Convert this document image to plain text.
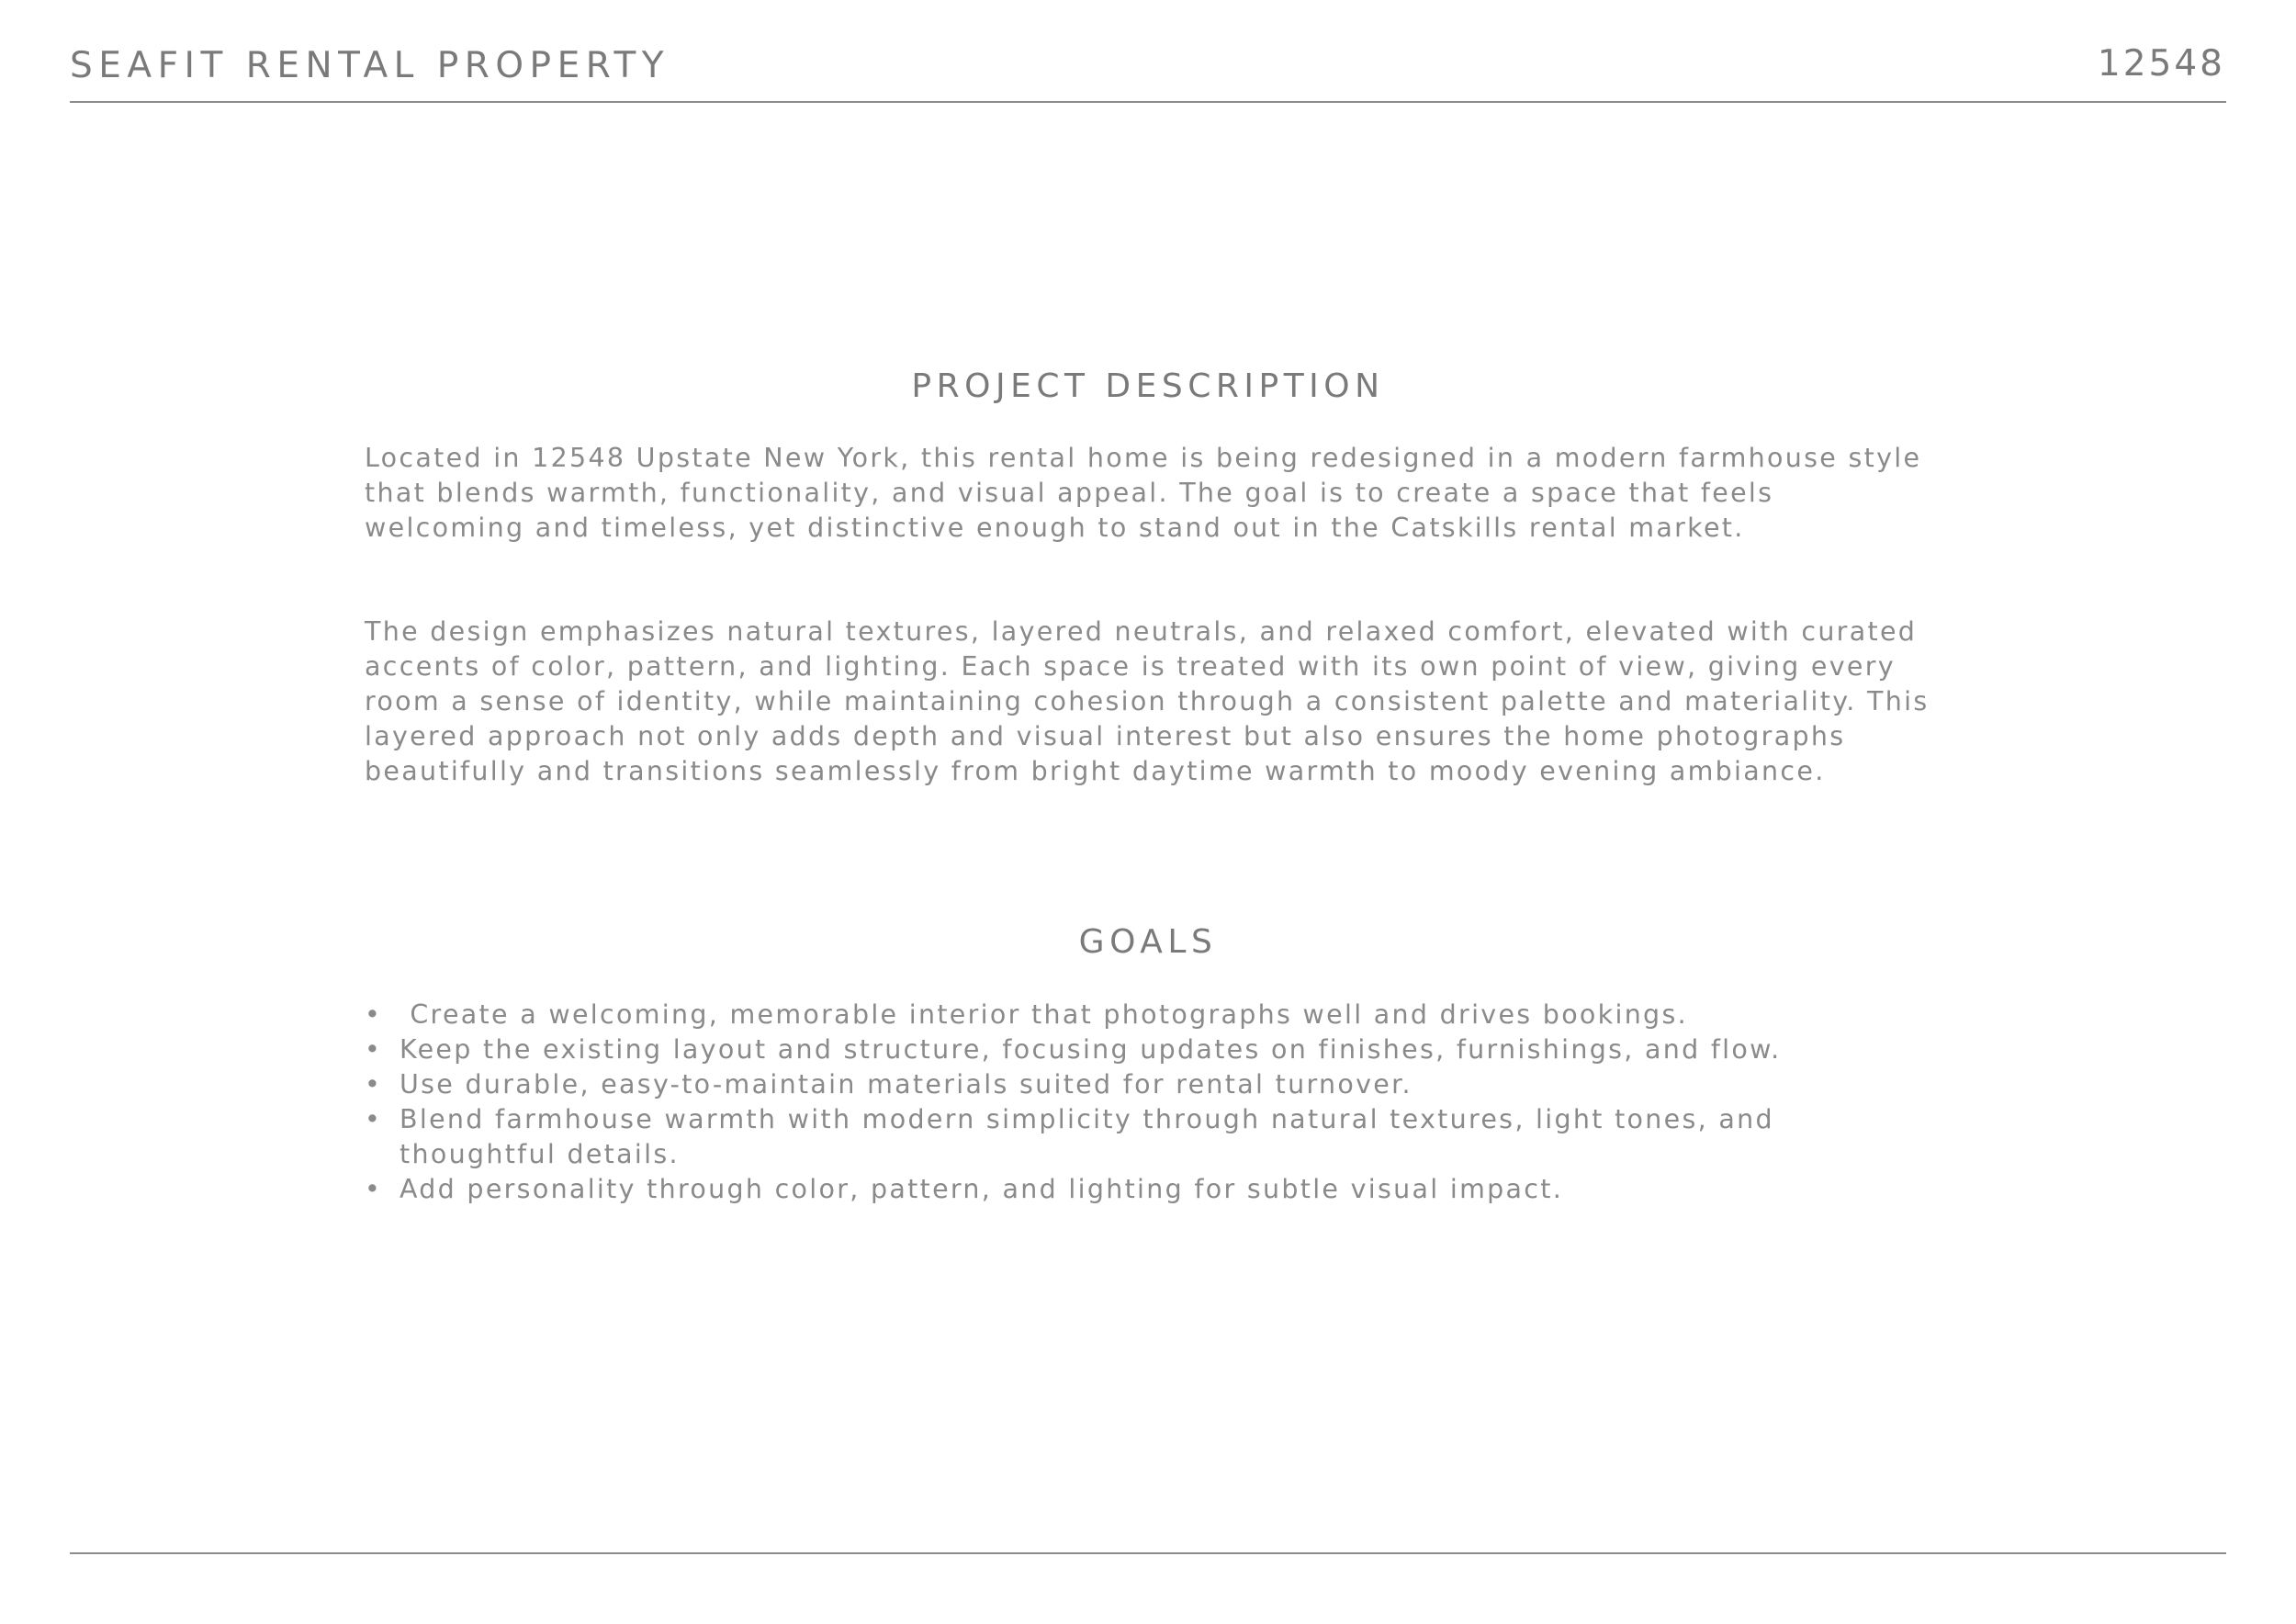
SEAFIT RENTAL PROPERTY	12548
PROJECT DESCRIPTION

Located in 12548 Upstate New York, this rental home is being redesigned in a modern farmhouse style that blends warmth, functionality, and visual appeal. The goal is to create a space that feels welcoming and timeless, yet distinctive enough to stand out in the Catskills rental market.

The design emphasizes natural textures, layered neutrals, and relaxed comfort, elevated with curated accents of color, pattern, and lighting. Each space is treated with its own point of view, giving every room a sense of identity, while maintaining cohesion through a consistent palette and materiality. This layered approach not only adds depth and visual interest but also ensures the home photographs beautifully and transitions seamlessly from bright daytime warmth to moody evening ambiance.

GOALS
• Create a welcoming, memorable interior that photographs well and drives bookings.
• Keep the existing layout and structure, focusing updates on finishes, furnishings, and flow.
• Use durable, easy-to-maintain materials suited for rental turnover.
• Blend farmhouse warmth with modern simplicity through natural textures, light tones, and thoughtful details.
• Add personality through color, pattern, and lighting for subtle visual impact.
